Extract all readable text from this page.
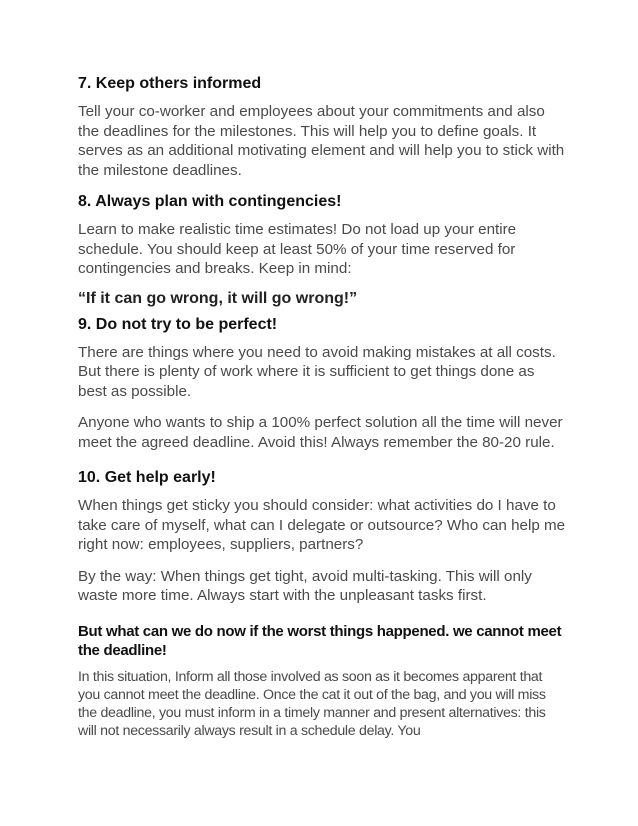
7. Keep others informed

Tell your co-worker and employees about your commitments and also the deadlines for the milestones. This will help you to define goals. It serves as an additional motivating element and will help you to stick with the milestone deadlines.

8. Always plan with contingencies!

Learn to make realistic time estimates! Do not load up your entire schedule. You should keep at least 50% of your time reserved for contingencies and breaks. Keep in mind:

“If it can go wrong, it will go wrong!”
9. Do not try to be perfect!

There are things where you need to avoid making mistakes at all costs. But there is plenty of work where it is sufficient to get things done as best as possible.

Anyone who wants to ship a 100% perfect solution all the time will never meet the agreed deadline. Avoid this! Always remember the 80-20 rule.

10. Get help early!

When things get sticky you should consider: what activities do I have to take care of myself, what can I delegate or outsource? Who can help me right now: employees, suppliers, partners?

By the way: When things get tight, avoid multi-tasking. This will only waste more time. Always start with the unpleasant tasks first.

But what can we do now if the worst things happened. we cannot meet the deadline!

In this situation, Inform all those involved as soon as it becomes apparent that you cannot meet the deadline. Once the cat it out of the bag, and you will miss the deadline, you must inform in a timely manner and present alternatives: this will not necessarily always result in a schedule delay. You
